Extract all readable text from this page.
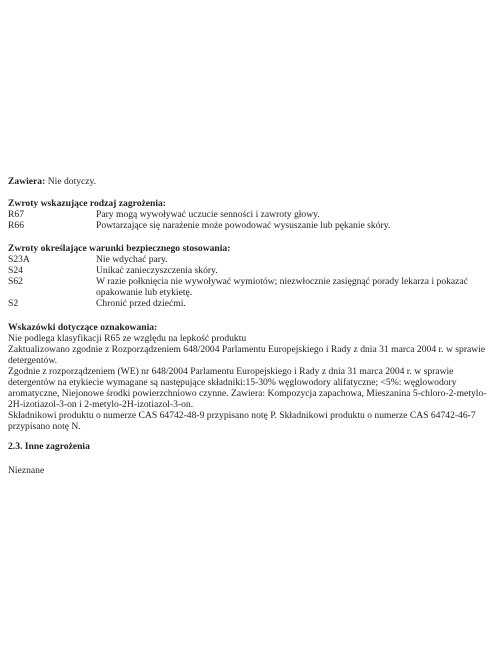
Zawiera: Nie dotyczy.
Zwroty wskazujące rodzaj zagrożenia:
R67	Pary mogą wywoływać uczucie senności i zawroty głowy.
R66	Powtarzające się narażenie może powodować wysuszanie lub pękanie skóry.
Zwroty określające warunki bezpiecznego stosowania:
S23A	Nie wdychać pary.
S24	Unikać zanieczyszczenia skóry.
S62	W razie połknięcia nie wywoływać wymiotów; niezwłocznie zasięgnąć porady lekarza i pokazać opakowanie lub etykietę.
S2	Chronić przed dziećmi.
Wskazówki dotyczące oznakowania:

Nie podlega klasyfikacji R65 ze względu na lepkość produktu

Zaktualizowano zgodnie z Rozporządzeniem 648/2004 Parlamentu Europejskiego i Rady z dnia 31 marca 2004 r. w sprawie detergentów.

Zgodnie z rozporządzeniem (WE) nr 648/2004 Parlamentu Europejskiego i Rady z dnia 31 marca 2004 r. w sprawie detergentów na etykiecie wymagane są następujące składniki:15-30% węglowodory alifatyczne; <5%: węglowodory aromatyczne, Niejonowe środki powierzchniowo czynne. Zawiera: Kompozycja zapachowa, Mieszanina 5-chloro-2-metylo-2H-izotiazol-3-on i 2-metylo-2H-izotiazol-3-on.

Składnikowi produktu o numerze CAS 64742-48-9 przypisano notę P. Składnikowi produktu o numerze CAS 64742-46-7 przypisano notę N.

2.3. Inne zagrożenia
Nieznane
